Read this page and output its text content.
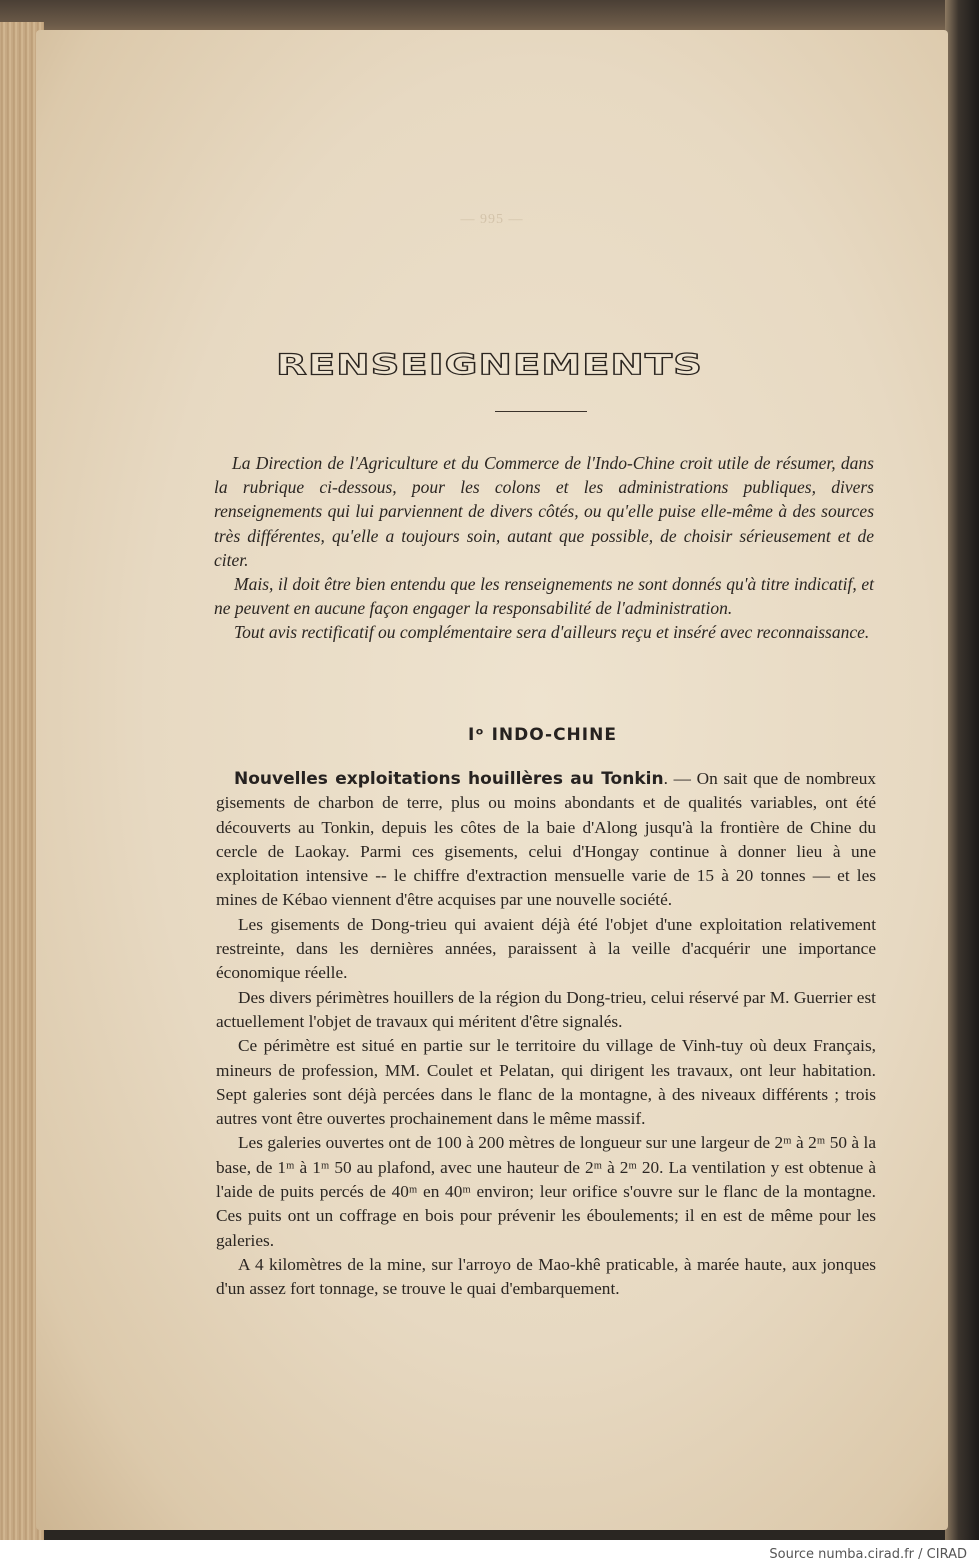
— 995 —
RENSEIGNEMENTS

La Direction de l'Agriculture et du Commerce de l'Indo-Chine croit utile de résumer, dans la rubrique ci-dessous, pour les colons et les administrations publiques, divers renseignements qui lui parviennent de divers côtés, ou qu'elle puise elle-même à des sources très différentes, qu'elle a toujours soin, autant que possible, de choisir sérieusement et de citer.

Mais, il doit être bien entendu que les renseignements ne sont donnés qu'à titre indicatif, et ne peuvent en aucune façon engager la responsabilité de l'administration.

Tout avis rectificatif ou complémentaire sera d'ailleurs reçu et inséré avec reconnaissance.

Iᵒ INDO-CHINE

Nouvelles exploitations houillères au Tonkin. — On sait que de nombreux gisements de charbon de terre, plus ou moins abondants et de qualités variables, ont été découverts au Tonkin, depuis les côtes de la baie d'Along jusqu'à la frontière de Chine du cercle de Laokay. Parmi ces gisements, celui d'Hongay continue à donner lieu à une exploitation intensive -- le chiffre d'extraction mensuelle varie de 15 à 20 tonnes — et les mines de Kébao viennent d'être acquises par une nouvelle société.

Les gisements de Dong-trieu qui avaient déjà été l'objet d'une exploitation relativement restreinte, dans les dernières années, paraissent à la veille d'acquérir une importance économique réelle.

Des divers périmètres houillers de la région du Dong-trieu, celui réservé par M. Guerrier est actuellement l'objet de travaux qui méritent d'être signalés.

Ce périmètre est situé en partie sur le territoire du village de Vinh-tuy où deux Français, mineurs de profession, MM. Coulet et Pelatan, qui dirigent les travaux, ont leur habitation. Sept galeries sont déjà percées dans le flanc de la montagne, à des niveaux différents ; trois autres vont être ouvertes prochainement dans le même massif.

Les galeries ouvertes ont de 100 à 200 mètres de longueur sur une largeur de 2ᵐ à 2ᵐ 50 à la base, de 1ᵐ à 1ᵐ 50 au plafond, avec une hauteur de 2ᵐ à 2ᵐ 20. La ventilation y est obtenue à l'aide de puits percés de 40ᵐ en 40ᵐ environ; leur orifice s'ouvre sur le flanc de la montagne. Ces puits ont un coffrage en bois pour prévenir les éboulements; il en est de même pour les galeries.

A 4 kilomètres de la mine, sur l'arroyo de Mao-khê praticable, à marée haute, aux jonques d'un assez fort tonnage, se trouve le quai d'embarquement.

Source numba.cirad.fr / CIRAD
